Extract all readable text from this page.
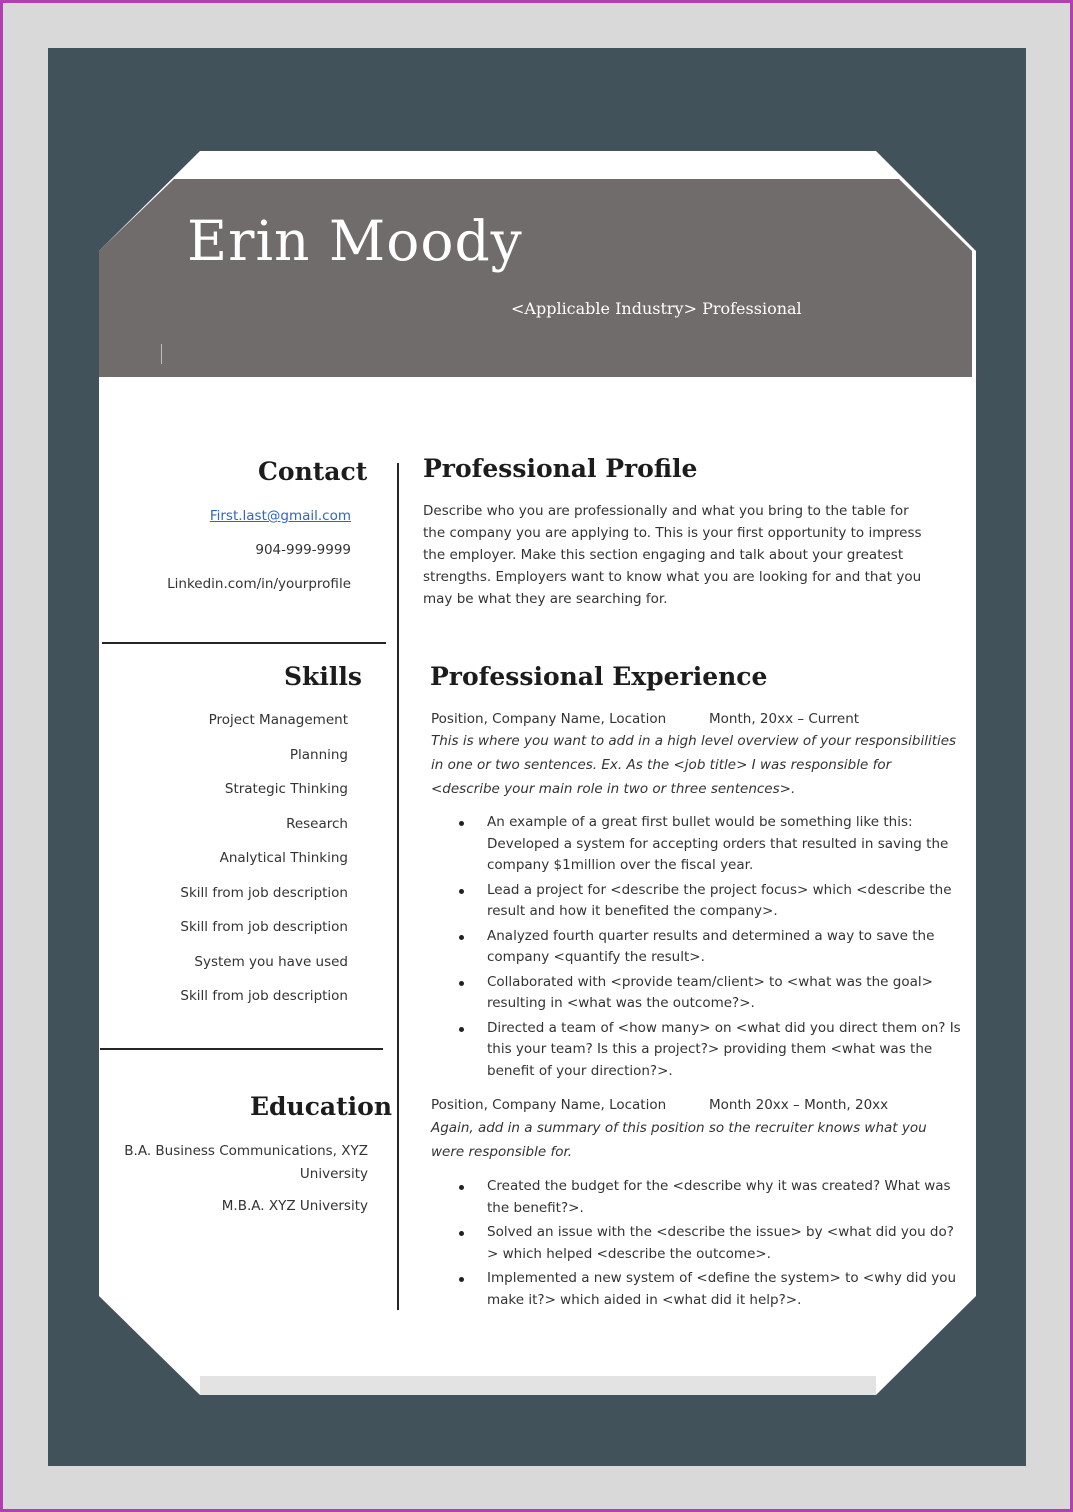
Erin Moody
<Applicable Industry> Professional
Contact
First.last@gmail.com
904-999-9999
Linkedin.com/in/yourprofile
Skills
Project Management
Planning
Strategic Thinking
Research
Analytical Thinking
Skill from job description
Skill from job description
System you have used
Skill from job description
Education
B.A. Business Communications, XYZ
University
M.B.A. XYZ University
Professional Profile
Describe who you are professionally and what you bring to the table for the company you are applying to. This is your first opportunity to impress the employer. Make this section engaging and talk about your greatest strengths. Employers want to know what you are looking for and that you may be what they are searching for.
Professional Experience
Position, Company Name, Location	Month, 20xx – Current
This is where you want to add in a high level overview of your responsibilities in one or two sentences. Ex. As the <job title> I was responsible for <describe your main role in two or three sentences>.
An example of a great first bullet would be something like this: Developed a system for accepting orders that resulted in saving the company $1million over the fiscal year.
Lead a project for <describe the project focus> which <describe the result and how it benefited the company>.
Analyzed fourth quarter results and determined a way to save the company <quantify the result>.
Collaborated with <provide team/client> to <what was the goal> resulting in <what was the outcome?>.
Directed a team of <how many> on <what did you direct them on? Is this your team? Is this a project?> providing them <what was the benefit of your direction?>.
Position, Company Name, Location	Month 20xx – Month, 20xx
Again, add in a summary of this position so the recruiter knows what you were responsible for.
Created the budget for the <describe why it was created? What was the benefit?>.
Solved an issue with the <describe the issue> by <what did you do?> which helped <describe the outcome>.
Implemented a new system of <define the system> to <why did you make it?> which aided in <what did it help?>.
